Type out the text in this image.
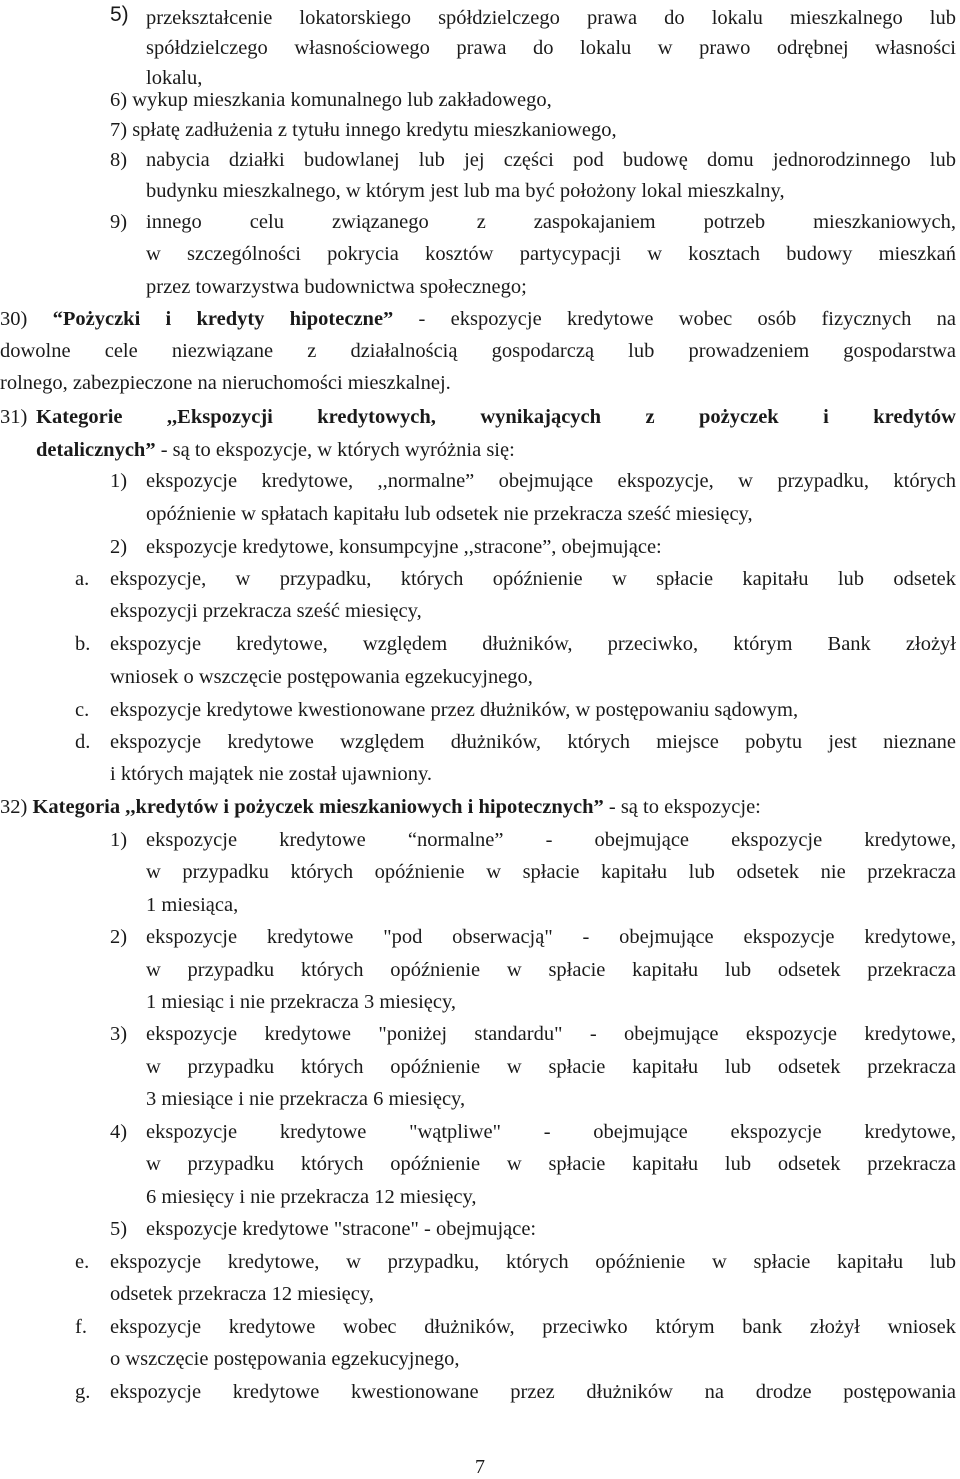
5) przekształcenie lokatorskiego spółdzielczego prawa do lokalu mieszkalnego lub
spółdzielczego własnościowego prawa do lokalu w prawo odrębnej własności
lokalu,
6) wykup mieszkania komunalnego lub zakładowego,
7) spłatę zadłużenia z tytułu innego kredytu mieszkaniowego,
8) nabycia działki budowlanej lub jej części pod budowę domu jednorodzinnego lub
budynku mieszkalnego, w którym jest lub ma być położony lokal mieszkalny,
9) innego celu związanego z zaspokajaniem potrzeb mieszkaniowych,
w szczególności pokrycia kosztów partycypacji w kosztach budowy mieszkań
przez towarzystwa budownictwa społecznego;
30) “Pożyczki i kredyty hipoteczne” - ekspozycje kredytowe wobec osób fizycznych na
dowolne cele niezwiązane z działalnością gospodarczą lub prowadzeniem gospodarstwa
rolnego, zabezpieczone na nieruchomości mieszkalnej.
31) Kategorie ,,Ekspozycji kredytowych, wynikających z pożyczek i kredytów
detalicznych” - są to ekspozycje, w których wyróżnia się:
1) ekspozycje kredytowe, ,,normalne” obejmujące ekspozycje, w przypadku, których
opóźnienie w spłatach kapitału lub odsetek nie przekracza sześć miesięcy,
2) ekspozycje kredytowe, konsumpcyjne ,,stracone”, obejmujące:
a. ekspozycje, w przypadku, których opóźnienie w spłacie kapitału lub odsetek
ekspozycji przekracza sześć miesięcy,
b. ekspozycje kredytowe, względem dłużników, przeciwko, którym Bank złożył
wniosek o wszczęcie postępowania egzekucyjnego,
c. ekspozycje kredytowe kwestionowane przez dłużników, w postępowaniu sądowym,
d. ekspozycje kredytowe względem dłużników, których miejsce pobytu jest nieznane
i których majątek nie został ujawniony.
32) Kategoria ,,kredytów i pożyczek mieszkaniowych i hipotecznych” - są to ekspozycje:
1) ekspozycje kredytowe “normalne” - obejmujące ekspozycje kredytowe,
w przypadku których opóźnienie w spłacie kapitału lub odsetek nie przekracza
1 miesiąca,
2) ekspozycje kredytowe "pod obserwacją" - obejmujące ekspozycje kredytowe,
w przypadku których opóźnienie w spłacie kapitału lub odsetek przekracza
1 miesiąc i nie przekracza 3 miesięcy,
3) ekspozycje kredytowe "poniżej standardu" - obejmujące ekspozycje kredytowe,
w przypadku których opóźnienie w spłacie kapitału lub odsetek przekracza
3 miesiące i nie przekracza 6 miesięcy,
4) ekspozycje kredytowe "wątpliwe" - obejmujące ekspozycje kredytowe,
w przypadku których opóźnienie w spłacie kapitału lub odsetek przekracza
6 miesięcy i nie przekracza 12 miesięcy,
5) ekspozycje kredytowe "stracone" - obejmujące:
e. ekspozycje kredytowe, w przypadku, których opóźnienie w spłacie kapitału lub
odsetek przekracza 12 miesięcy,
f. ekspozycje kredytowe wobec dłużników, przeciwko którym bank złożył wniosek
o wszczęcie postępowania egzekucyjnego,
g. ekspozycje kredytowe kwestionowane przez dłużników na drodze postępowania
7
